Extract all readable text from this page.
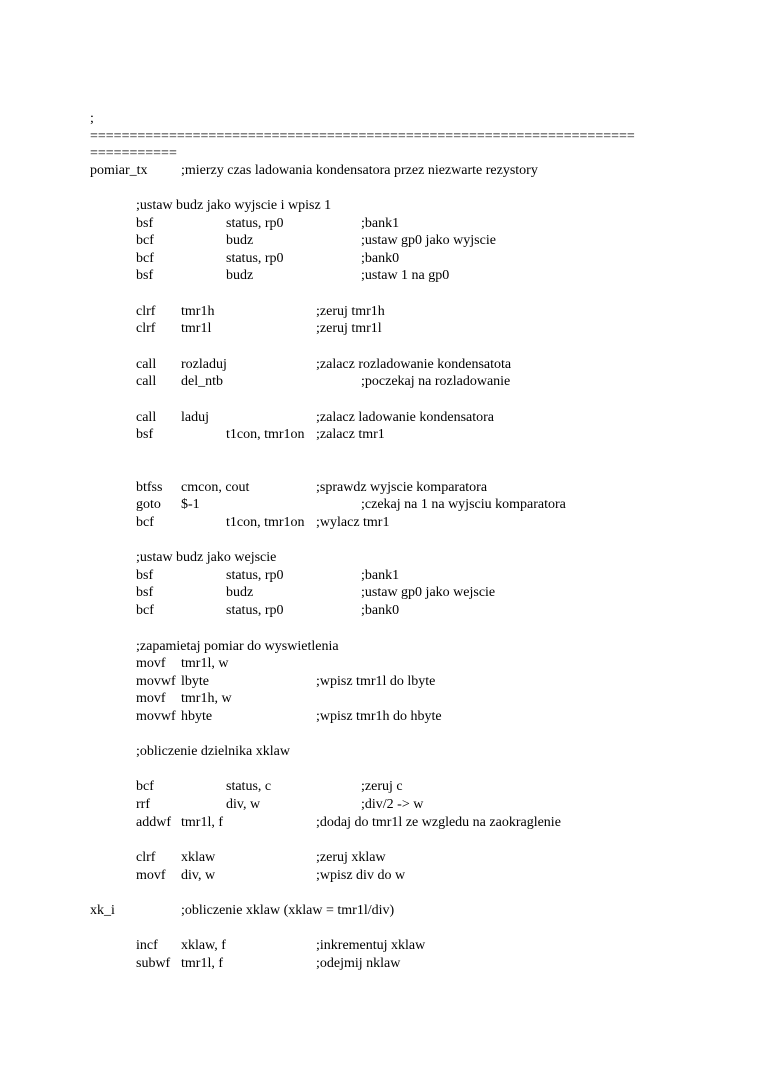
;
=====================================================================
===========
pomiar_tx ;mierzy czas ladowania kondensatora przez niezwarte rezystory
;ustaw budz jako wyjscie i wpisz 1
bsf	status, rp0	;bank1
bcf	budz	;ustaw gp0 jako wyjscie
bcf	status, rp0	;bank0
bsf	budz	;ustaw 1 na gp0
clrf tmr1h	;zeruj tmr1h
clrf tmr1l	;zeruj tmr1l
call rozladuj	;zalacz rozladowanie kondensatota
call del_ntb	;poczekaj na rozladowanie
call laduj	;zalacz ladowanie kondensatora
bsf	t1con, tmr1on ;zalacz tmr1
btfss cmcon, cout	;sprawdz wyjscie komparatora
goto $-1	;czekaj na 1 na wyjsciu komparatora
bcf	t1con, tmr1on ;wylacz tmr1
;ustaw budz jako wejscie
bsf	status, rp0	;bank1
bsf	budz	;ustaw gp0 jako wejscie
bcf	status, rp0	;bank0
;zapamietaj pomiar do wyswietlenia
movf tmr1l, w
movwf lbyte	;wpisz tmr1l do lbyte
movf tmr1h, w
movwf hbyte	;wpisz tmr1h do hbyte
;obliczenie dzielnika xklaw
bcf	status, c	;zeruj c
rrf	div, w	;div/2 -> w
addwf tmr1l, f	;dodaj do tmr1l ze wzgledu na zaokraglenie
clrf xklaw	;zeruj xklaw
movf div, w	;wpisz div do w
xk_i	;obliczenie xklaw (xklaw = tmr1l/div)
incf xklaw, f	;inkrementuj xklaw
subwf tmr1l, f	;odejmij nklaw
